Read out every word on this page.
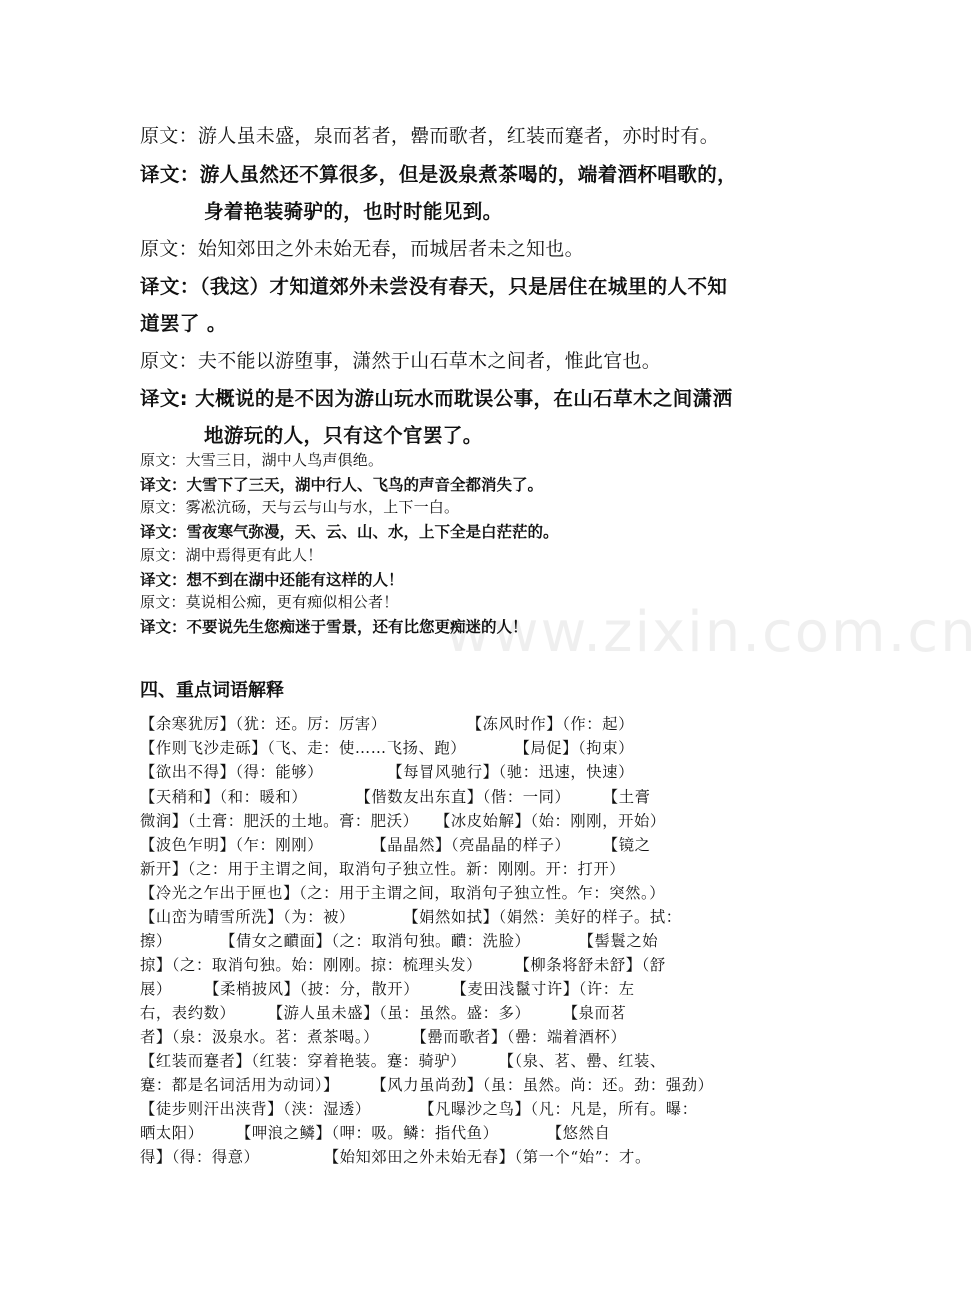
www.zixin.com.cn
原文：游人虽未盛，泉而茗者，罍而歌者，红装而蹇者，亦时时有。
译文：游人虽然还不算很多，但是汲泉煮茶喝的，端着酒杯唱歌的，
身着艳装骑驴的，也时时能见到。
原文：始知郊田之外未始无春，而城居者未之知也。
译文：（我这）才知道郊外未尝没有春天，只是居住在城里的人不知
道罢了 。
原文：夫不能以游堕事，潇然于山石草木之间者，惟此官也。
译文: 大概说的是不因为游山玩水而耽误公事，在山石草木之间潇洒
地游玩的人，只有这个官罢了。
原文：大雪三日，湖中人鸟声俱绝。
译文：大雪下了三天，湖中行人、飞鸟的声音全都消失了。
原文：雾凇沆砀，天与云与山与水，上下一白。
译文：雪夜寒气弥漫，天、云、山、水，上下全是白茫茫的。
原文：湖中焉得更有此人！
译文：想不到在湖中还能有这样的人！
原文：莫说相公痴，更有痴似相公者！
译文：不要说先生您痴迷于雪景，还有比您更痴迷的人！
四、重点词语解释
【余寒犹厉】（犹：还。厉：厉害）　　　　　　【冻风时作】（作：起）
【作则飞沙走砾】（飞、走：使……飞扬、跑）　　　　【局促】（拘束）
【欲出不得】（得：能够）　　　　　【每冒风驰行】（驰：迅速，快速）
【天稍和】（和：暖和）　　　　【偕数友出东直】（偕：一同）　　　【土膏
微润】（土膏：肥沃的土地。膏：肥沃）　　【冰皮始解】（始：刚刚，开始）
【波色乍明】（乍：刚刚）　　　　【晶晶然】（亮晶晶的样子）　　　【镜之
新开】（之：用于主谓之间，取消句子独立性。新：刚刚。开：打开）
【冷光之乍出于匣也】（之：用于主谓之间，取消句子独立性。乍：突然。）
【山峦为晴雪所洗】（为：被）　　　　【娟然如拭】（娟然：美好的样子。拭：
擦）　　　　【倩女之靧面】（之：取消句独。靧：洗脸）　　　　【髻鬟之始
掠】（之：取消句独。始：刚刚。掠：梳理头发）　　　【柳条将舒未舒】（舒
展）　　　【柔梢披风】（披：分，散开）　　　【麦田浅鬣寸许】（许：左
右，表约数）　　　【游人虽未盛】（虽：虽然。盛：多）　　　【泉而茗
者】（泉：汲泉水。茗：煮茶喝。）　　　【罍而歌者】（罍：端着酒杯）
【红装而蹇者】（红装：穿着艳装。蹇：骑驴）　　　【（泉、茗、罍、红装、
蹇：都是名词活用为动词）】　　　【风力虽尚劲】（虽：虽然。尚：还。劲：强劲）
【徒步则汗出浃背】（浃：湿透）　　　　【凡曝沙之鸟】（凡：凡是，所有。曝：
晒太阳）　　　【呷浪之鳞】（呷：吸。鳞：指代鱼）　　　　【悠然自
得】（得：得意）　　　　　【始知郊田之外未始无春】（第一个“始”：才。
